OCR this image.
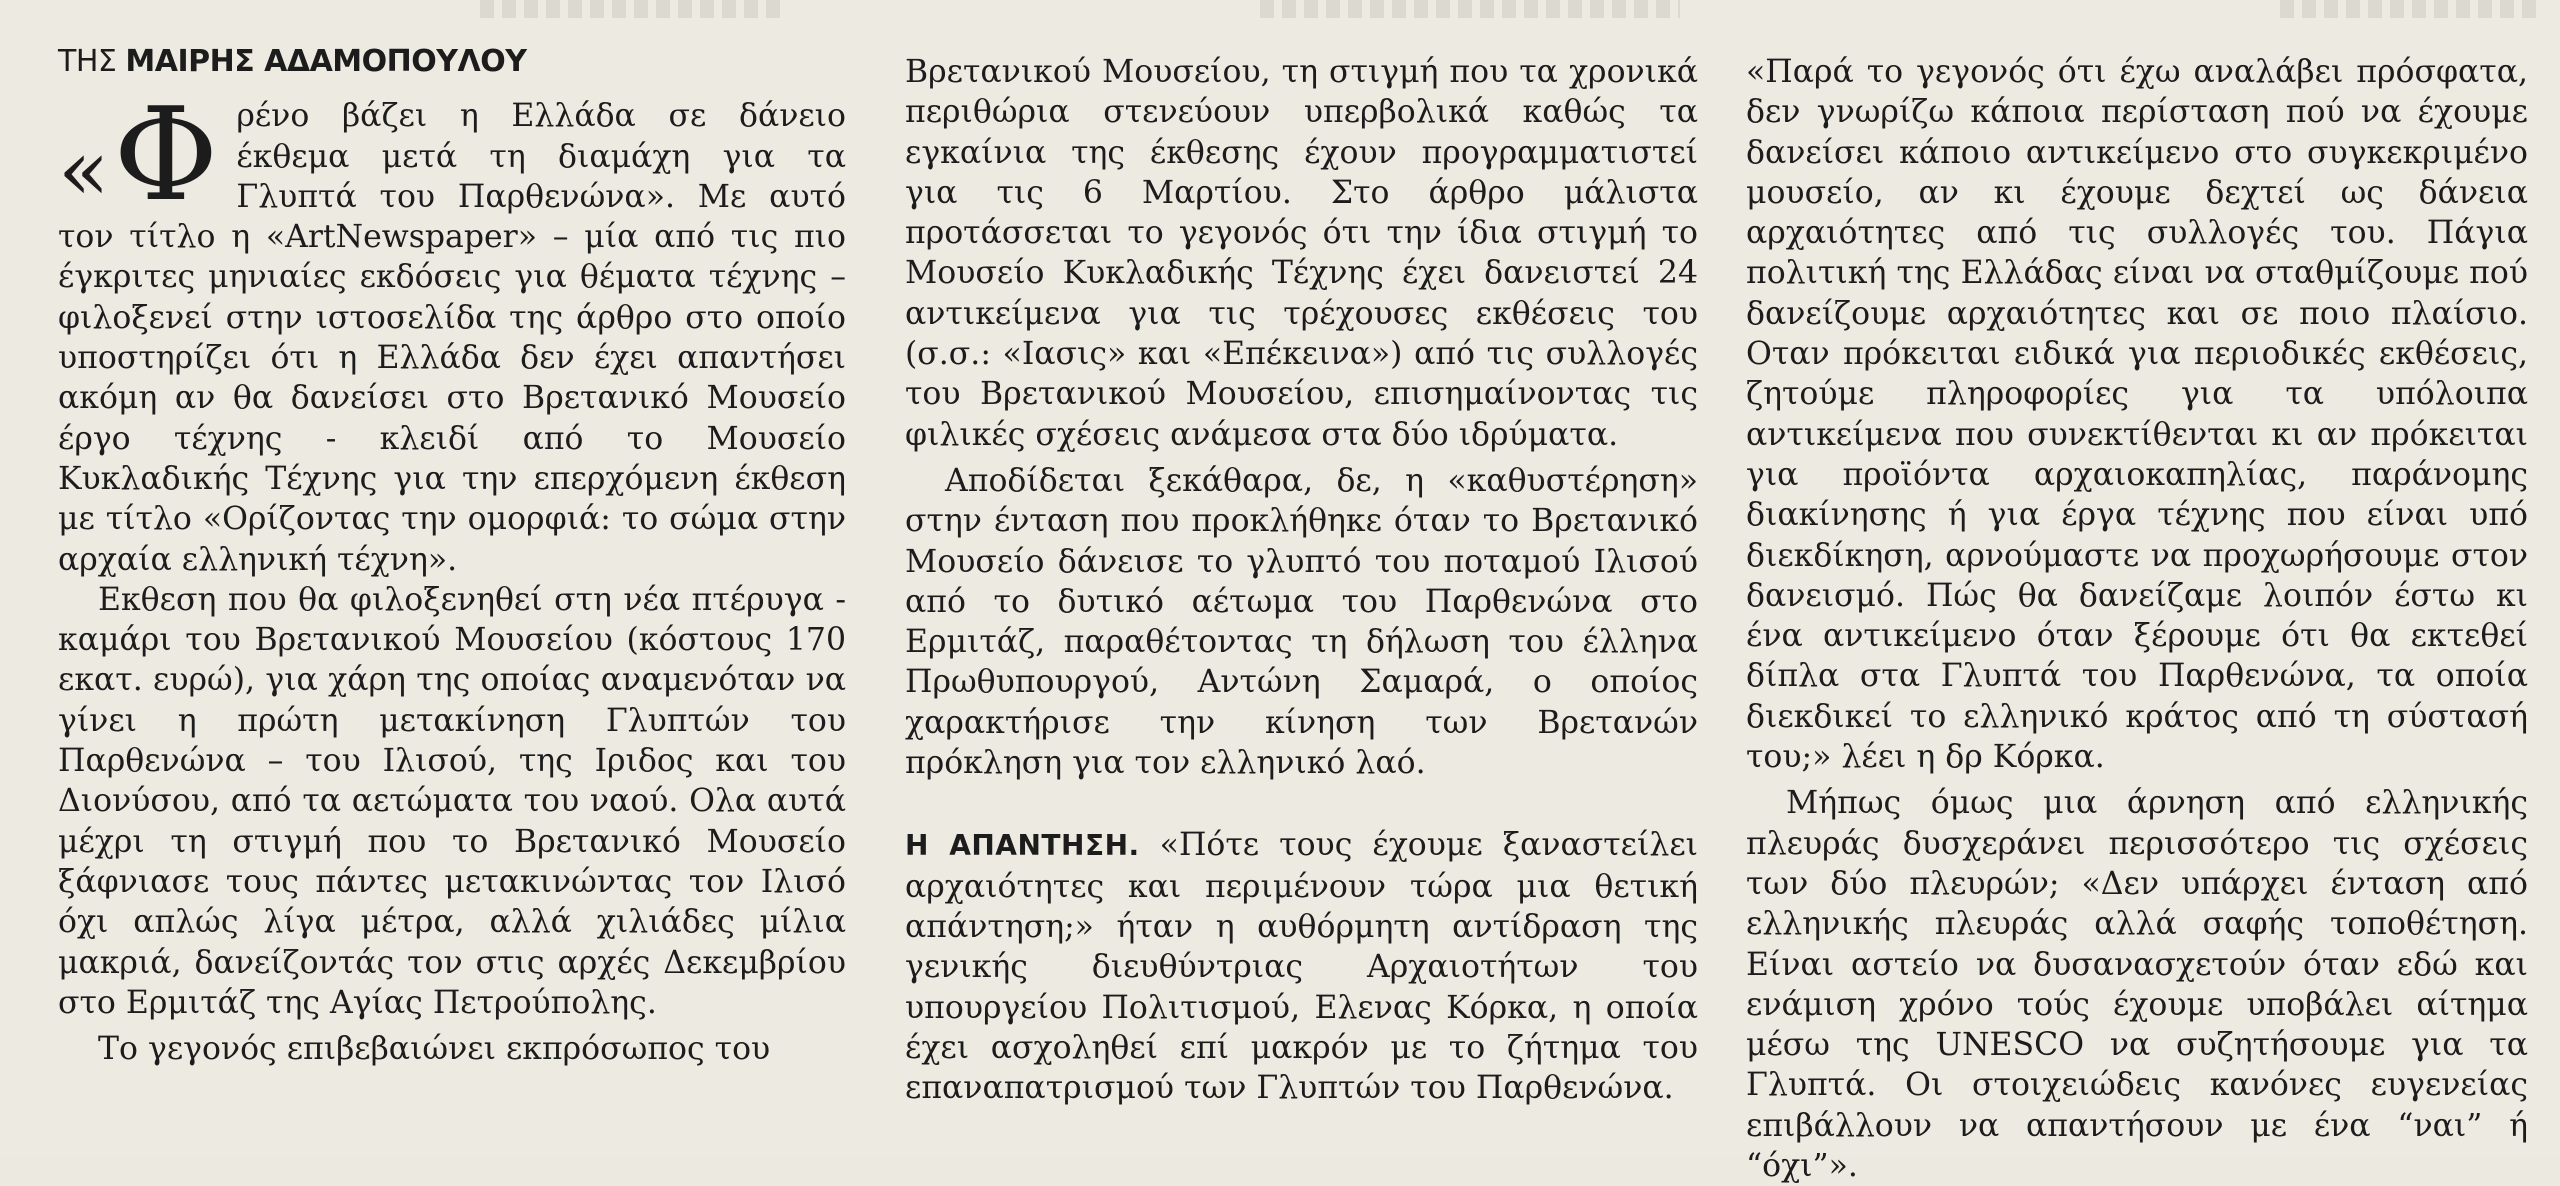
ΤΗΣ ΜΑΙΡΗΣ ΑΔΑΜΟΠΟΥΛΟΥ
« Φ ρένο βάζει η Ελλάδα σε δάνειο έκθεμα μετά τη διαμάχη για τα Γλυπτά του Παρθενώνα». Με αυτό τον τίτλο η «ArtNewspaper» – μία από τις πιο έγκριτες μηνιαίες εκδόσεις για θέματα τέχνης – φιλοξενεί στην ιστοσελίδα της άρθρο στο οποίο υποστηρίζει ότι η Ελλάδα δεν έχει απαντήσει ακόμη αν θα δανείσει στο Βρετανικό Μουσείο έργο τέχνης - κλειδί από το Μουσείο Κυκλαδικής Τέχνης για την επερχόμενη έκθεση με τίτλο «Ορίζοντας την ομορφιά: το σώμα στην αρχαία ελληνική τέχνη».

Εκθεση που θα φιλοξενηθεί στη νέα πτέρυγα - καμάρι του Βρετανικού Μουσείου (κόστους 170 εκατ. ευρώ), για χάρη της οποίας αναμενόταν να γίνει η πρώτη μετακίνηση Γλυπτών του Παρθενώνα – του Ιλισού, της Ιριδος και του Διονύσου, από τα αετώματα του ναού. Ολα αυτά μέχρι τη στιγμή που το Βρετανικό Μουσείο ξάφνιασε τους πάντες μετακινώντας τον Ιλισό όχι απλώς λίγα μέτρα, αλλά χιλιάδες μίλια μακριά, δανείζοντάς τον στις αρχές Δεκεμβρίου στο Ερμιτάζ της Αγίας Πετρούπολης.

Το γεγονός επιβεβαιώνει εκπρόσωπος του

Βρετανικού Μουσείου, τη στιγμή που τα χρονικά περιθώρια στενεύουν υπερβολικά καθώς τα εγκαίνια της έκθεσης έχουν προγραμματιστεί για τις 6 Μαρτίου. Στο άρθρο μάλιστα προτάσσεται το γεγονός ότι την ίδια στιγμή το Μουσείο Κυκλαδικής Τέχνης έχει δανειστεί 24 αντικείμενα για τις τρέχουσες εκθέσεις του (σ.σ.: «Ιασις» και «Επέκεινα») από τις συλλογές του Βρετανικού Μουσείου, επισημαίνοντας τις φιλικές σχέσεις ανάμεσα στα δύο ιδρύματα.

Αποδίδεται ξεκάθαρα, δε, η «καθυστέρηση» στην ένταση που προκλήθηκε όταν το Βρετανικό Μουσείο δάνεισε το γλυπτό του ποταμού Ιλισού από το δυτικό αέτωμα του Παρθενώνα στο Ερμιτάζ, παραθέτοντας τη δήλωση του έλληνα Πρωθυπουργού, Αντώνη Σαμαρά, ο οποίος χαρακτήρισε την κίνηση των Βρετανών πρόκληση για τον ελληνικό λαό.

Η ΑΠΑΝΤΗΣΗ. «Πότε τους έχουμε ξαναστείλει αρχαιότητες και περιμένουν τώρα μια θετική απάντηση;» ήταν η αυθόρμητη αντίδραση της γενικής διευθύντριας Αρχαιοτήτων του υπουργείου Πολιτισμού, Ελενας Κόρκα, η οποία έχει ασχοληθεί επί μακρόν με το ζήτημα του επαναπατρισμού των Γλυπτών του Παρθενώνα.

«Παρά το γεγονός ότι έχω αναλάβει πρόσφατα, δεν γνωρίζω κάποια περίσταση πού να έχουμε δανείσει κάποιο αντικείμενο στο συγκεκριμένο μουσείο, αν κι έχουμε δεχτεί ως δάνεια αρχαιότητες από τις συλλογές του. Πάγια πολιτική της Ελλάδας είναι να σταθμίζουμε πού δανείζουμε αρχαιότητες και σε ποιο πλαίσιο. Οταν πρόκειται ειδικά για περιοδικές εκθέσεις, ζητούμε πληροφορίες για τα υπόλοιπα αντικείμενα που συνεκτίθενται κι αν πρόκειται για προϊόντα αρχαιοκαπηλίας, παράνομης διακίνησης ή για έργα τέχνης που είναι υπό διεκδίκηση, αρνούμαστε να προχωρήσουμε στον δανεισμό. Πώς θα δανείζαμε λοιπόν έστω κι ένα αντικείμενο όταν ξέρουμε ότι θα εκτεθεί δίπλα στα Γλυπτά του Παρθενώνα, τα οποία διεκδικεί το ελληνικό κράτος από τη σύστασή του;» λέει η δρ Κόρκα.

Μήπως όμως μια άρνηση από ελληνικής πλευράς δυσχεράνει περισσότερο τις σχέσεις των δύο πλευρών; «Δεν υπάρχει ένταση από ελληνικής πλευράς αλλά σαφής τοποθέτηση. Είναι αστείο να δυσανασχετούν όταν εδώ και ενάμιση χρόνο τούς έχουμε υποβάλει αίτημα μέσω της UNESCO να συζητήσουμε για τα Γλυπτά. Οι στοιχειώδεις κανόνες ευγενείας επιβάλλουν να απαντήσουν με ένα “ναι” ή “όχι”».
